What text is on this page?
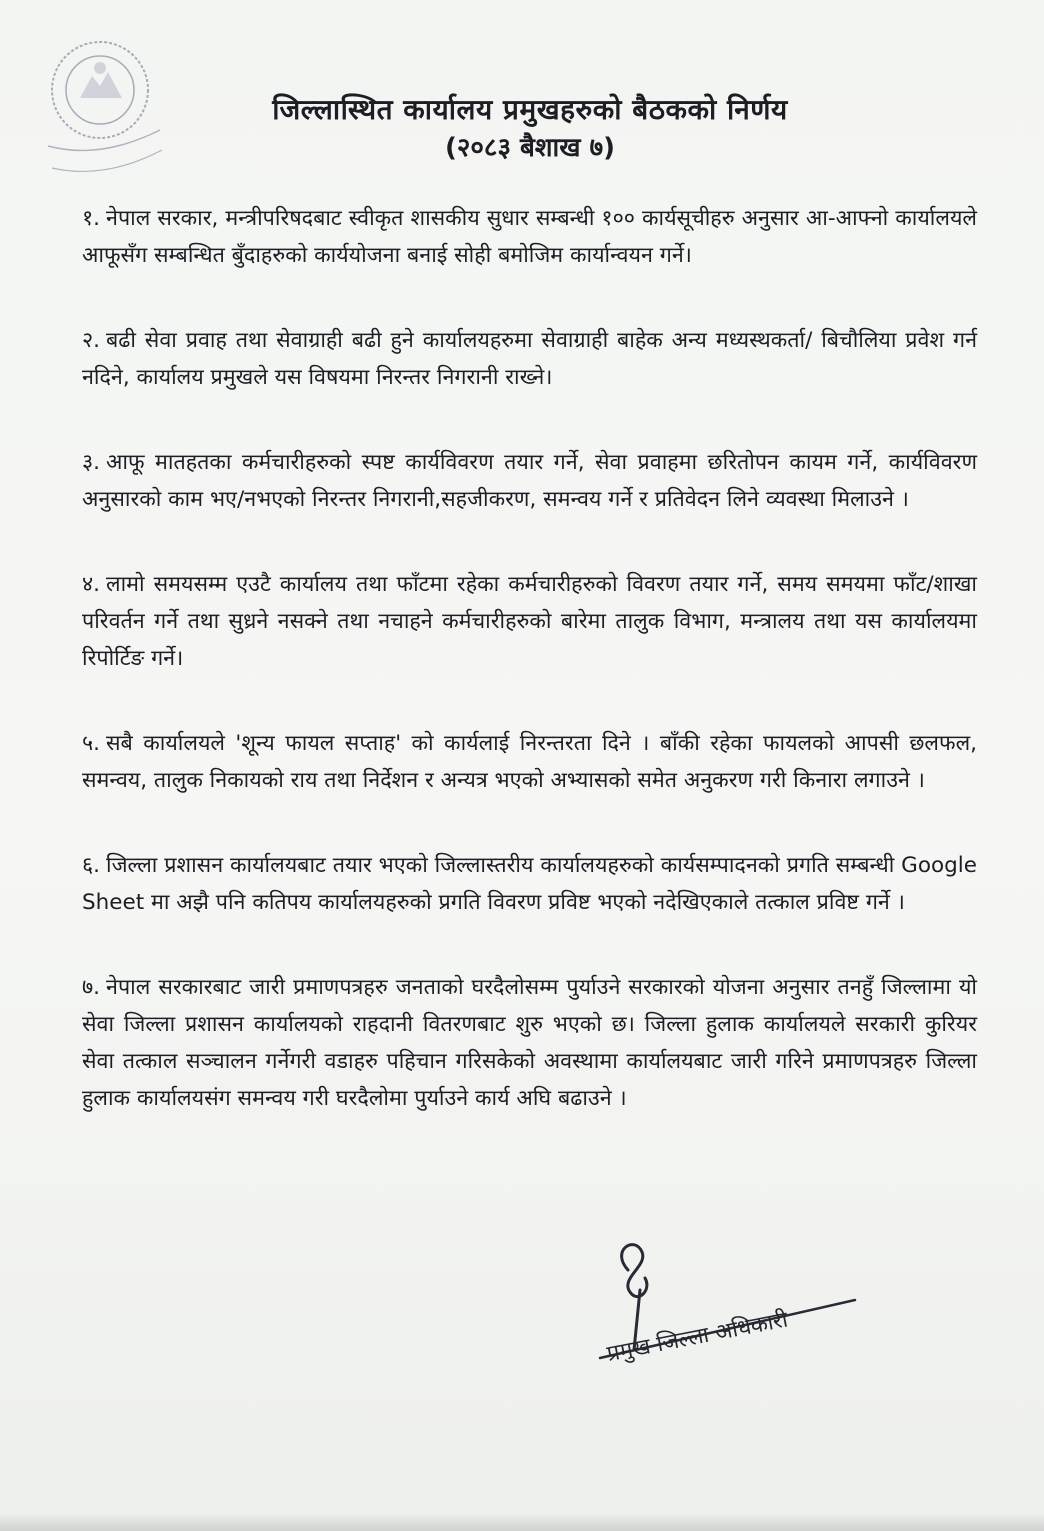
जिल्लास्थित कार्यालय प्रमुखहरुको बैठकको निर्णय
(२०८३ बैशाख ७)

१. नेपाल सरकार, मन्त्रीपरिषदबाट स्वीकृत शासकीय सुधार सम्बन्धी १०० कार्यसूचीहरु अनुसार आ-आफ्नो कार्यालयले आफूसँग सम्बन्धित बुँदाहरुको कार्ययोजना बनाई सोही बमोजिम कार्यान्वयन गर्ने।

२. बढी सेवा प्रवाह तथा सेवाग्राही बढी हुने कार्यालयहरुमा सेवाग्राही बाहेक अन्य मध्यस्थकर्ता/ बिचौलिया प्रवेश गर्न नदिने, कार्यालय प्रमुखले यस विषयमा निरन्तर निगरानी राख्ने।

३. आफू मातहतका कर्मचारीहरुको स्पष्ट कार्यविवरण तयार गर्ने, सेवा प्रवाहमा छरितोपन कायम गर्ने, कार्यविवरण अनुसारको काम भए/नभएको निरन्तर निगरानी,सहजीकरण, समन्वय गर्ने र प्रतिवेदन लिने व्यवस्था मिलाउने ।

४. लामो समयसम्म एउटै कार्यालय तथा फाँटमा रहेका कर्मचारीहरुको विवरण तयार गर्ने, समय समयमा फाँट/शाखा परिवर्तन गर्ने तथा सुध्रने नसक्ने तथा नचाहने कर्मचारीहरुको बारेमा तालुक विभाग, मन्त्रालय तथा यस कार्यालयमा रिपोर्टिङ गर्ने।

५. सबै कार्यालयले 'शून्य फायल सप्ताह' को कार्यलाई निरन्तरता दिने । बाँकी रहेका फायलको आपसी छलफल, समन्वय, तालुक निकायको राय तथा निर्देशन र अन्यत्र भएको अभ्यासको समेत अनुकरण गरी किनारा लगाउने ।

६. जिल्ला प्रशासन कार्यालयबाट तयार भएको जिल्लास्तरीय कार्यालयहरुको कार्यसम्पादनको प्रगति सम्बन्धी Google Sheet मा अझै पनि कतिपय कार्यालयहरुको प्रगति विवरण प्रविष्ट भएको नदेखिएकाले तत्काल प्रविष्ट गर्ने ।

७. नेपाल सरकारबाट जारी प्रमाणपत्रहरु जनताको घरदैलोसम्म पुर्याउने सरकारको योजना अनुसार तनहुँ जिल्लामा यो सेवा जिल्ला प्रशासन कार्यालयको राहदानी वितरणबाट शुरु भएको छ। जिल्ला हुलाक कार्यालयले सरकारी कुरियर सेवा तत्काल सञ्चालन गर्नेगरी वडाहरु पहिचान गरिसकेको अवस्थामा कार्यालयबाट जारी गरिने प्रमाणपत्रहरु जिल्ला हुलाक कार्यालयसंग समन्वय गरी घरदैलोमा पुर्याउने कार्य अघि बढाउने ।

प्रमुख जिल्ला अधिकारी
